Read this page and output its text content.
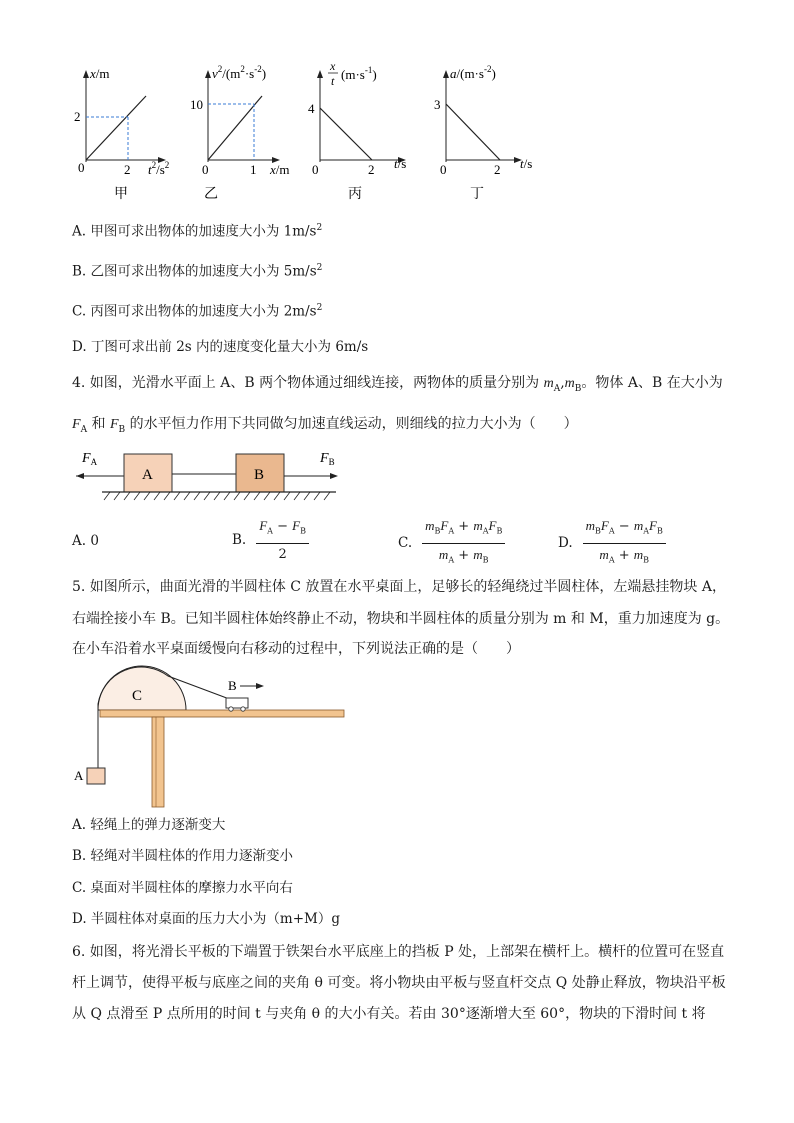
x/m
2
0	2 $t^2/s^2$
甲
$v^2/(m^2\cdot s^{-2})$
10
0	1 x/m
乙
x
t $(m\cdot s^{-1})$
4
0	2 t/s
丙
$a/(m\cdot s^{-2})$
3
0	2 t/s
丁
A. 甲图可求出物体的加速度大小为 $1m/s^2$
B. 乙图可求出物体的加速度大小为 $5m/s^2$
C. 丙图可求出物体的加速度大小为 $2m/s^2$
D. 丁图可求出前 2s 内的速度变化量大小为 6m/s
4. 如图，光滑水平面上 A、B 两个物体通过细线连接，两物体的质量分别为 $m_A,m_B$。物体 A、B 在大小为
$F_A$ 和 $F_B$ 的水平恒力作用下共同做匀加速直线运动，则细线的拉力大小为（　　）
$F_A$
A	B
$F_B$
A. 0	B. $\frac{F_A - F_B}{2}$	C. $\frac{m_BF_A + m_AF_B}{m_A + m_B}$	D. $\frac{m_BF_A - m_AF_B}{m_A + m_B}$
5. 如图所示，曲面光滑的半圆柱体 C 放置在水平桌面上，足够长的轻绳绕过半圆柱体，左端悬挂物块 A，
右端拴接小车 B。已知半圆柱体始终静止不动，物块和半圆柱体的质量分别为 m 和 M，重力加速度为 g。
在小车沿着水平桌面缓慢向右移动的过程中，下列说法正确的是（　　）
C
A
B
A. 轻绳上的弹力逐渐变大
B. 轻绳对半圆柱体的作用力逐渐变小
C. 桌面对半圆柱体的摩擦力水平向右
D. 半圆柱体对桌面的压力大小为（m+M）g
6. 如图，将光滑长平板的下端置于铁架台水平底座上的挡板 P 处，上部架在横杆上。横杆的位置可在竖直
杆上调节，使得平板与底座之间的夹角 θ 可变。将小物块由平板与竖直杆交点 Q 处静止释放，物块沿平板
从 Q 点滑至 P 点所用的时间 t 与夹角 θ 的大小有关。若由 30°逐渐增大至 60°，物块的下滑时间 t 将
